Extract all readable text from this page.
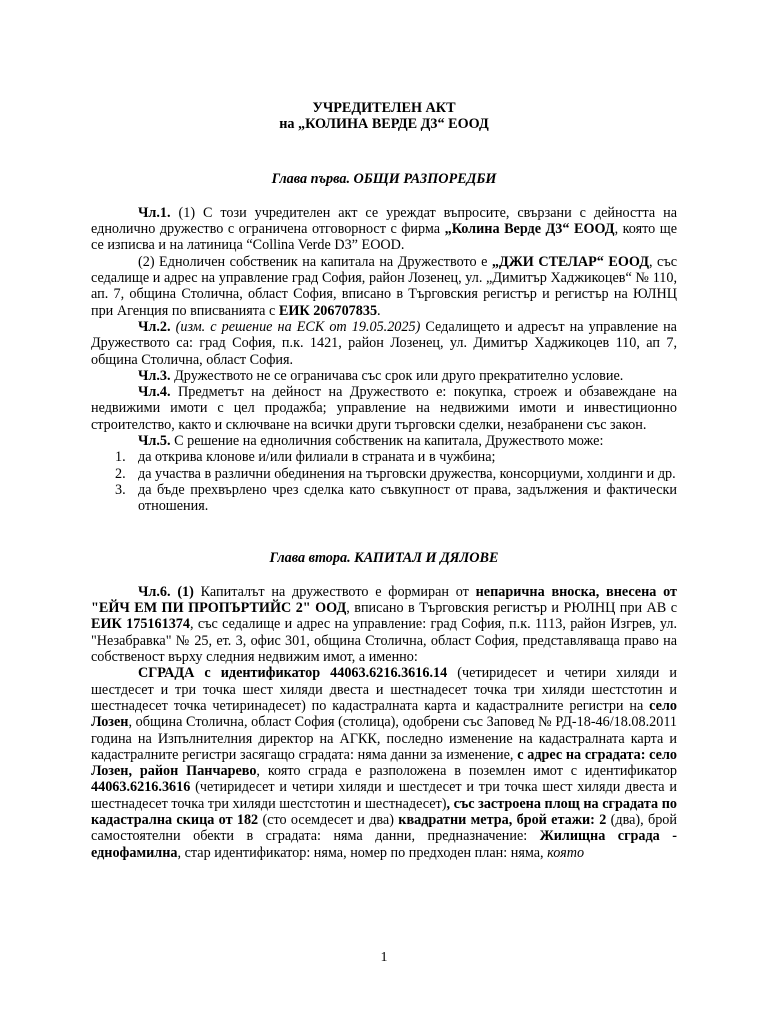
УЧРЕДИТЕЛЕН АКТ
на „КОЛИНА ВЕРДЕ Д3“ ЕООД
Глава първа. ОБЩИ РАЗПОРЕДБИ

Чл.1. (1) С този учредителен акт се уреждат въпросите, свързани с дейността на еднолично дружество с ограничена отговорност с фирма „Колина Верде Д3“ ЕООД, която ще се изписва и на латиница “Collina Verde D3” EOOD.

(2) Едноличен собственик на капитала на Дружеството е „ДЖИ СТЕЛАР“ ЕООД, със седалище и адрес на управление град София, район Лозенец, ул. „Димитър Хаджикоцев“ № 110, ап. 7, община Столична, област София, вписано в Търговския регистър и регистър на ЮЛНЦ при Агенция по вписванията с ЕИК 206707835.

Чл.2. (изм. с решение на ЕСК от 19.05.2025) Седалището и адресът на управление на Дружеството са: град София, п.к. 1421, район Лозенец, ул. Димитър Хаджикоцев 110, ап 7, община Столична, област София.

Чл.3. Дружеството не се ограничава със срок или друго прекратително условие.

Чл.4. Предметът на дейност на Дружеството е: покупка, строеж и обзавеждане на недвижими имоти с цел продажба; управление на недвижими имоти и инвестиционно строителство, както и сключване на всички други търговски сделки, незабранени със закон.

Чл.5. С решение на едноличния собственик на капитала, Дружеството може:

1. да открива клонове и/или филиали в страната и в чужбина;
2. да участва в различни обединения на търговски дружества, консорциуми, холдинги и др.
3. да бъде прехвърлено чрез сделка като съвкупност от права, задължения и фактически отношения.
Глава втора. КАПИТАЛ И ДЯЛОВЕ

Чл.6. (1) Капиталът на дружеството е формиран от непарична вноска, внесена от "ЕЙЧ ЕМ ПИ ПРОПЪРТИЙС 2" ООД, вписано в Търговския регистър и РЮЛНЦ при АВ с ЕИК 175161374, със седалище и адрес на управление: град София, п.к. 1113, район Изгрев, ул. "Незабравка" № 25, ет. 3, офис 301, община Столична, област София, представляваща право на собственост върху следния недвижим имот, а именно:

СГРАДА с идентификатор 44063.6216.3616.14 (четиридесет и четири хиляди и шестдесет и три точка шест хиляди двеста и шестнадесет точка три хиляди шестстотин и шестнадесет точка четиринадесет) по кадастралната карта и кадастралните регистри на село Лозен, община Столична, област София (столица), одобрени със Заповед № РД-18-46/18.08.2011 година на Изпълнителния директор на АГКК, последно изменение на кадастралната карта и кадастралните регистри засягащо сградата: няма данни за изменение, с адрес на сградата: село Лозен, район Панчарево, която сграда е разположена в поземлен имот с идентификатор 44063.6216.3616 (четиридесет и четири хиляди и шестдесет и три точка шест хиляди двеста и шестнадесет точка три хиляди шестстотин и шестнадесет), със застроена площ на сградата по кадастрална скица от 182 (сто осемдесет и два) квадратни метра, брой етажи: 2 (два), брой самостоятелни обекти в сградата: няма данни, предназначение: Жилищна сграда - еднофамилна, стар идентификатор: няма, номер по предходен план: няма, която

1
